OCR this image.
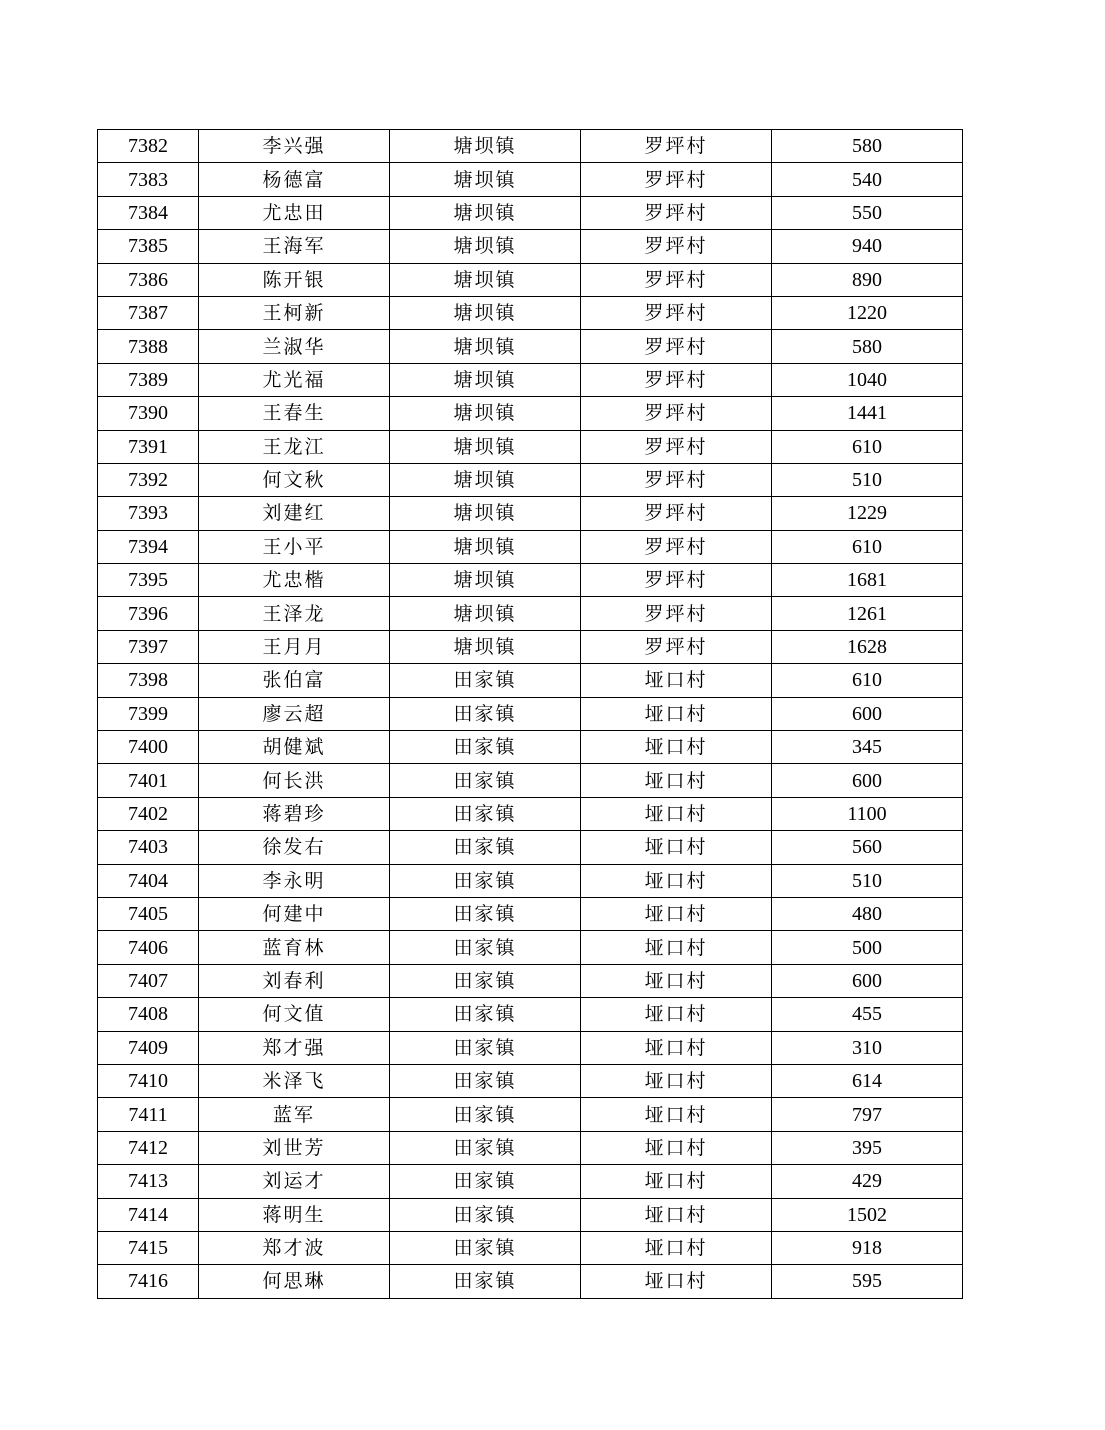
7382	李兴强	塘坝镇	罗坪村	580
7383	杨德富	塘坝镇	罗坪村	540
7384	尤忠田	塘坝镇	罗坪村	550
7385	王海军	塘坝镇	罗坪村	940
7386	陈开银	塘坝镇	罗坪村	890
7387	王柯新	塘坝镇	罗坪村	1220
7388	兰淑华	塘坝镇	罗坪村	580
7389	尤光福	塘坝镇	罗坪村	1040
7390	王春生	塘坝镇	罗坪村	1441
7391	王龙江	塘坝镇	罗坪村	610
7392	何文秋	塘坝镇	罗坪村	510
7393	刘建红	塘坝镇	罗坪村	1229
7394	王小平	塘坝镇	罗坪村	610
7395	尤忠楷	塘坝镇	罗坪村	1681
7396	王泽龙	塘坝镇	罗坪村	1261
7397	王月月	塘坝镇	罗坪村	1628
7398	张伯富	田家镇	垭口村	610
7399	廖云超	田家镇	垭口村	600
7400	胡健斌	田家镇	垭口村	345
7401	何长洪	田家镇	垭口村	600
7402	蒋碧珍	田家镇	垭口村	1100
7403	徐发右	田家镇	垭口村	560
7404	李永明	田家镇	垭口村	510
7405	何建中	田家镇	垭口村	480
7406	蓝育林	田家镇	垭口村	500
7407	刘春利	田家镇	垭口村	600
7408	何文值	田家镇	垭口村	455
7409	郑才强	田家镇	垭口村	310
7410	米泽飞	田家镇	垭口村	614
7411	蓝军	田家镇	垭口村	797
7412	刘世芳	田家镇	垭口村	395
7413	刘运才	田家镇	垭口村	429
7414	蒋明生	田家镇	垭口村	1502
7415	郑才波	田家镇	垭口村	918
7416	何思琳	田家镇	垭口村	595
